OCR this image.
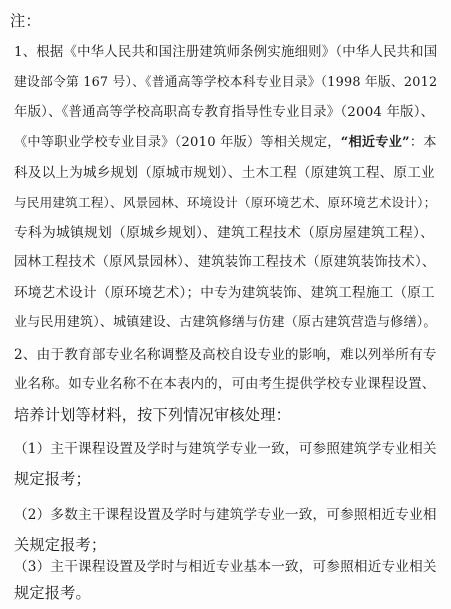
注：
1、根据《中华人民共和国注册建筑师条例实施细则》（中华人民共和国
建设部令第 167 号）、《普通高等学校本科专业目录》（1998 年版、2012
年版）、《普通高等学校高职高专教育指导性专业目录》（2004 年版）、
《中等职业学校专业目录》（2010 年版）等相关规定，“相近专业”：本
科及以上为城乡规划（原城市规划）、土木工程（原建筑工程、原工业
与民用建筑工程）、风景园林、环境设计（原环境艺术、原环境艺术设计）；
专科为城镇规划（原城乡规划）、建筑工程技术（原房屋建筑工程）、
园林工程技术（原风景园林）、建筑装饰工程技术（原建筑装饰技术）、
环境艺术设计（原环境艺术）；中专为建筑装饰、建筑工程施工（原工
业与民用建筑）、城镇建设、古建筑修缮与仿建（原古建筑营造与修缮）。
2、由于教育部专业名称调整及高校自设专业的影响，难以列举所有专
业名称。如专业名称不在本表内的，可由考生提供学校专业课程设置、
培养计划等材料，按下列情况审核处理：
（1）主干课程设置及学时与建筑学专业一致，可参照建筑学专业相关
规定报考；
（2）多数主干课程设置及学时与建筑学专业一致，可参照相近专业相
关规定报考；
（3）主干课程设置及学时与相近专业基本一致，可参照相近专业相关
规定报考。
